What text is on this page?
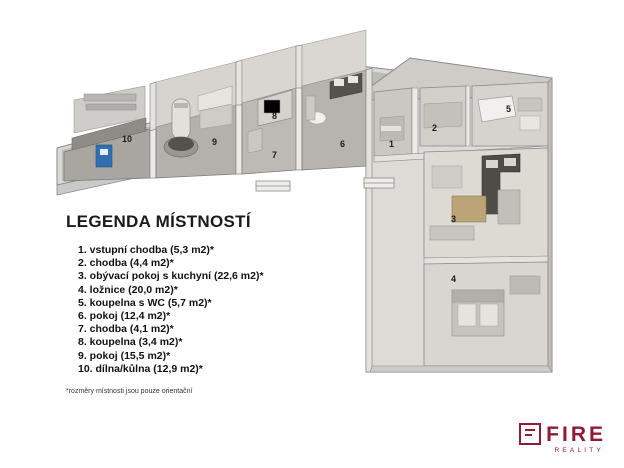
10	9
8
7
6	1
2
5
3
4
LEGENDA MÍSTNOSTÍ
1. vstupní chodba (5,3 m2)*
2. chodba (4,4 m2)*
3. obývací pokoj s kuchyní (22,6 m2)*
4. ložnice (20,0 m2)*
5. koupelna s WC (5,7 m2)*
6. pokoj (12,4 m2)*
7. chodba (4,1 m2)*
8. koupelna (3,4 m2)*
9. pokoj (15,5 m2)*
10. dílna/kůlna (12,9 m2)*
*rozměry místnosti jsou pouze orientační
FIRE
REALITY
